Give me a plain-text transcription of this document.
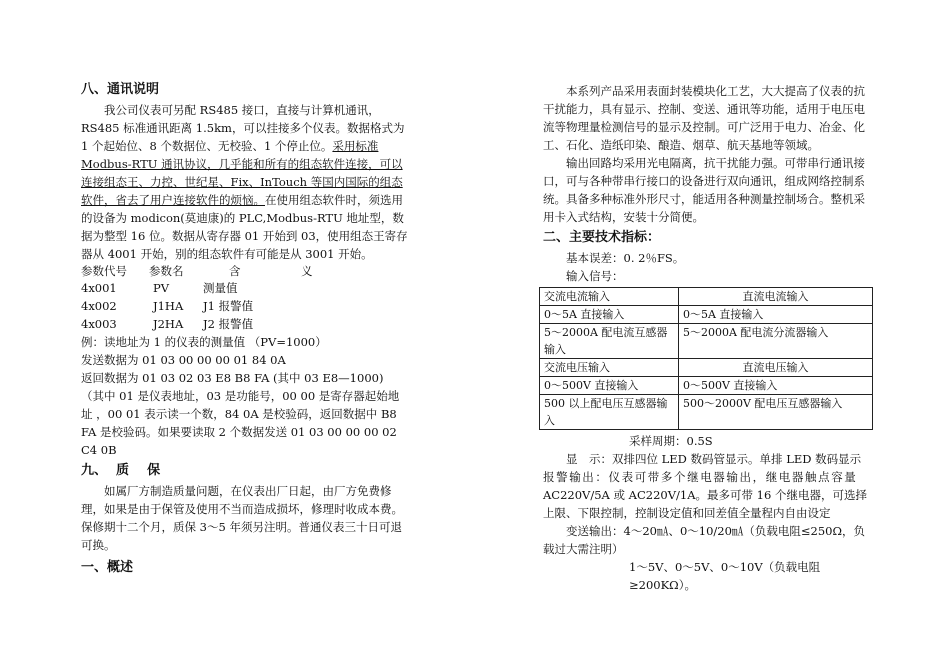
八、通讯说明

我公司仪表可另配 RS485 接口，直接与计算机通讯， RS485 标准通讯距离 1.5km，可以挂接多个仪表。数据格式为 1 个起始位、8 个数据位、无校验、1 个停止位。采用标准 Modbus-RTU 通讯协议，几乎能和所有的组态软件连接，可以连接组态王、力控、世纪星、Fix、InTouch 等国内国际的组态软件，省去了用户连接软件的烦恼。在使用组态软件时，须选用的设备为 modicon(莫迪康)的 PLC,Modbus-RTU 地址型，数据为整型 16 位。数据从寄存器 01 开始到 03，使用组态王寄存器从 4001 开始，别的组态软件有可能是从 3001 开始。

参数代号	参数名	含	义
4x001	PV	测量值
4x002	J1HA	J1 报警值
4x003	J2HA	J2 报警值

例：读地址为 1 的仪表的测量值 （PV=1000）

发送数据为 01 03 00 00 00 01 84 0A

返回数据为 01 03 02 03 E8 B8 FA (其中 03 E8—1000)

（其中 01 是仪表地址，03 是功能号，00 00 是寄存器起始地址 ，00 01 表示读一个数，84 0A 是校验码，返回数据中 B8 FA 是校验码。如果要读取 2 个数据发送 01 03 00 00 00 02 C4 0B

九、  质    保

如属厂方制造质量问题，在仪表出厂日起，由厂方免费修理，如果是由于保管及使用不当而造成损坏，修理时收成本费。保修期十二个月，质保 3～5 年须另注明。普通仪表三十日可退可换。

一、概述

本系列产品采用表面封装模块化工艺，大大提高了仪表的抗干扰能力，具有显示、控制、变送、通讯等功能，适用于电压电流等物理量检测信号的显示及控制。可广泛用于电力、冶金、化工、石化、造纸印染、酿造、烟草、航天基地等领域。

输出回路均采用光电隔离，抗干扰能力强。可带串行通讯接口，可与各种带串行接口的设备进行双向通讯，组成网络控制系统。具备多种标准外形尺寸，能适用各种测量控制场合。整机采用卡入式结构，安装十分简便。

二、主要技术指标：

基本误差：0. 2％FS。

输入信号：

交流电流输入	直流电流输入
0～5A 直接输入	0～5A 直接输入
5～2000A 配电流互感器输入	5～2000A 配电流分流器输入
交流电压输入	直流电压输入
0～500V 直接输入	0～500V 直接输入
500 以上配电压互感器输入	500～2000V 配电压互感器输入

采样周期：0.5S

显　示：双排四位 LED 数码管显示。单排 LED 数码显示

报警输出：仪表可带多个继电器输出，继电器触点容量

AC220V/5A 或 AC220V/1A。最多可带 16 个继电器，可选择上限、下限控制，控制设定值和回差值全量程内自由设定

变送输出：4～20㎃、0～10/20㎃（负载电阻≤250Ω，负载过大需注明）

1～5V、0～5V、0～10V（负载电阻≥200KΩ）。
